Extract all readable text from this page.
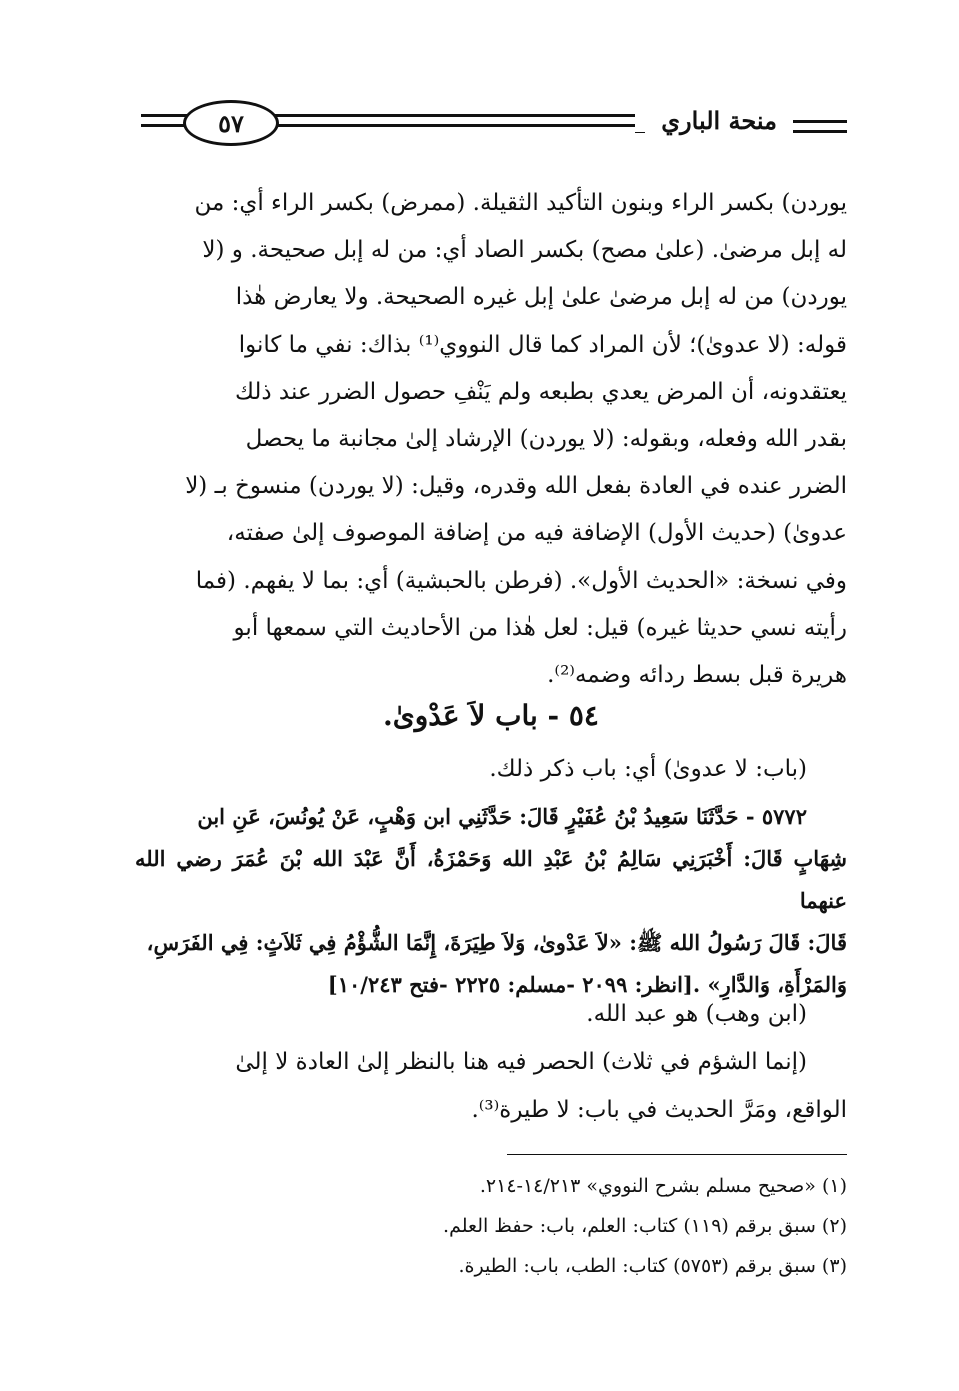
٥٧	منحة الباري

يوردن) بكسر الراء وبنون التأكيد الثقيلة. (ممرض) بكسر الراء أي: من

له إبل مرضىٰ. (علىٰ مصح) بكسر الصاد أي: من له إبل صحيحة. و (لا

يوردن) من له إبل مرضىٰ علىٰ إبل غيره الصحيحة. ولا يعارض هٰذا

قوله: (لا عدوىٰ)؛ لأن المراد كما قال النووي⁽¹⁾ بذاك: نفي ما كانوا

يعتقدونه، أن المرض يعدي بطبعه ولم يَنْفِ حصول الضرر عند ذلك

بقدر الله وفعله، وبقوله: (لا يوردن) الإرشاد إلىٰ مجانبة ما يحصل

الضرر عنده في العادة بفعل الله وقدره، وقيل: (لا يوردن) منسوخ بـ (لا

عدوىٰ) (حديث الأول) الإضافة فيه من إضافة الموصوف إلىٰ صفته،

وفي نسخة: «الحديث الأول». (فرطن بالحبشية) أي: بما لا يفهم. (فما

رأيته نسي حديثا غيره) قيل: لعل هٰذا من الأحاديث التي سمعها أبو

هريرة قبل بسط ردائه وضمه⁽²⁾.

٥٤ - باب لاَ عَدْوىٰ.
(باب: لا عدوىٰ) أي: باب ذكر ذلك.
٥٧٧٢ - حَدَّثَنَا سَعِيدُ بْنُ عُفَيْرٍ قَالَ: حَدَّثَنِي ابن وَهْبٍ، عَنْ يُونُسَ، عَنِ ابن
شِهَابٍ قَالَ: أَخْبَرَنِي سَالِمُ بْنُ عَبْدِ الله وَحَمْزَةُ، أَنَّ عَبْدَ الله بْنَ عُمَرَ رضي الله عنهما
قَالَ: قَالَ رَسُولُ الله ﷺ: «لاَ عَدْوىٰ، وَلاَ طِيَرَةَ، إِنَّمَا الشُّؤْمُ فِي ثَلاَثٍ: فِي الفَرَسِ،
وَالمَرْأَةِ، وَالدَّارِ» .[انظر: ٢٠٩٩ -مسلم: ٢٢٢٥ -فتح ١٠/٢٤٣]
(ابن وهب) هو عبد الله.
(إنما الشؤم في ثلاث) الحصر فيه هنا بالنظر إلىٰ العادة لا إلىٰ
الواقع، ومَرَّ الحديث في باب: لا طيرة⁽³⁾.
(١) «صحيح مسلم بشرح النووي» ١٤/٢١٣-٢١٤.
(٢) سبق برقم (١١٩) كتاب: العلم، باب: حفظ العلم.
(٣) سبق برقم (٥٧٥٣) كتاب: الطب، باب: الطيرة.
